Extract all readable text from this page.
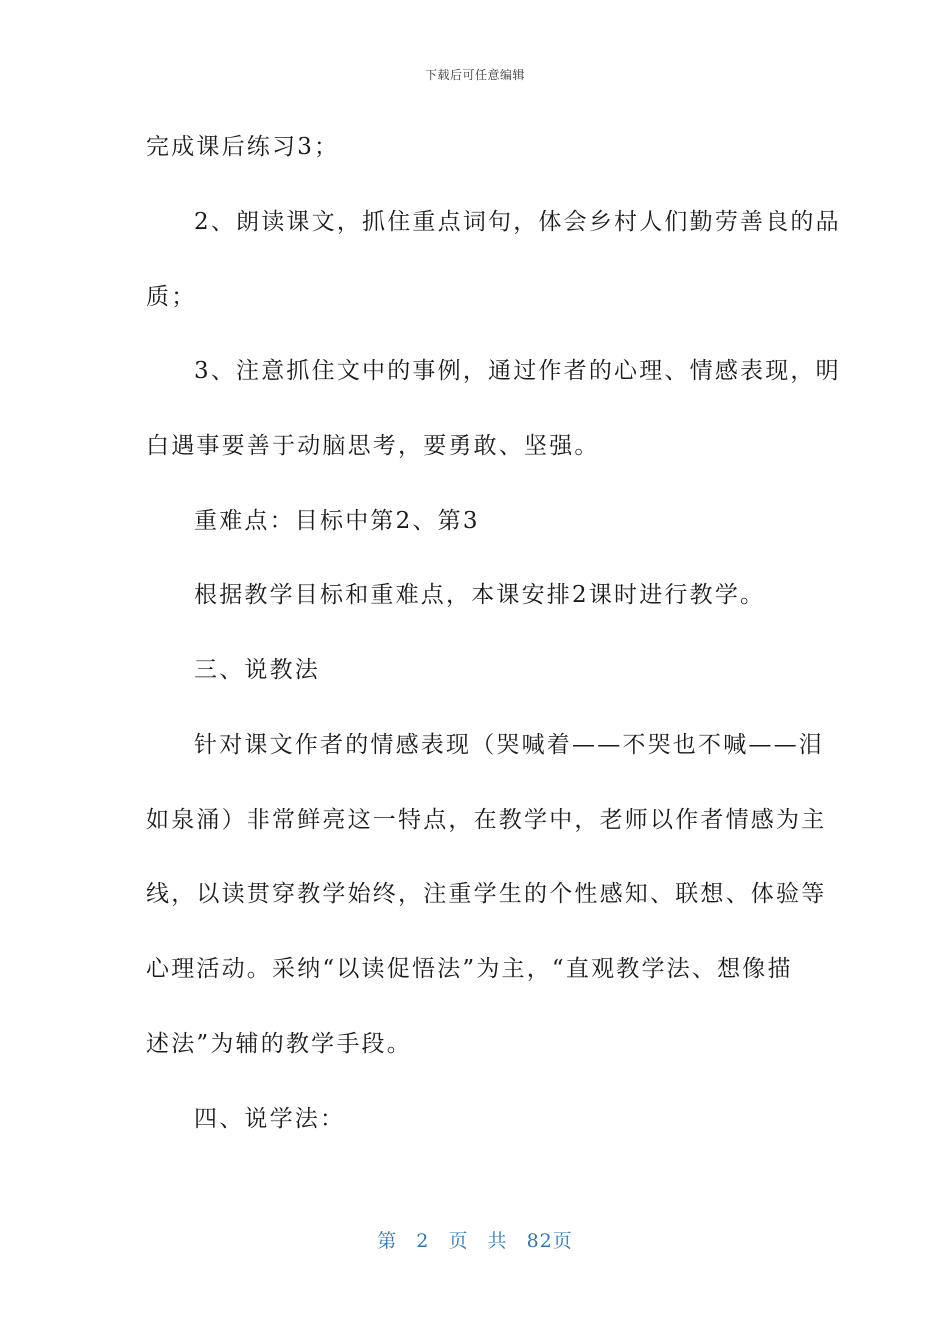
下载后可任意编辑
完成课后练习3；
2、朗读课文，抓住重点词句，体会乡村人们勤劳善良的品
质；
3、注意抓住文中的事例，通过作者的心理、情感表现，明
白遇事要善于动脑思考，要勇敢、坚强。
重难点：目标中第2、第3
根据教学目标和重难点，本课安排2课时进行教学。
三、说教法
针对课文作者的情感表现（哭喊着——不哭也不喊——泪
如泉涌）非常鲜亮这一特点，在教学中，老师以作者情感为主
线，以读贯穿教学始终，注重学生的个性感知、联想、体验等
心理活动。采纳“以读促悟法”为主，“直观教学法、想像描
述法”为辅的教学手段。
四、说学法：
第 2 页 共 82页
